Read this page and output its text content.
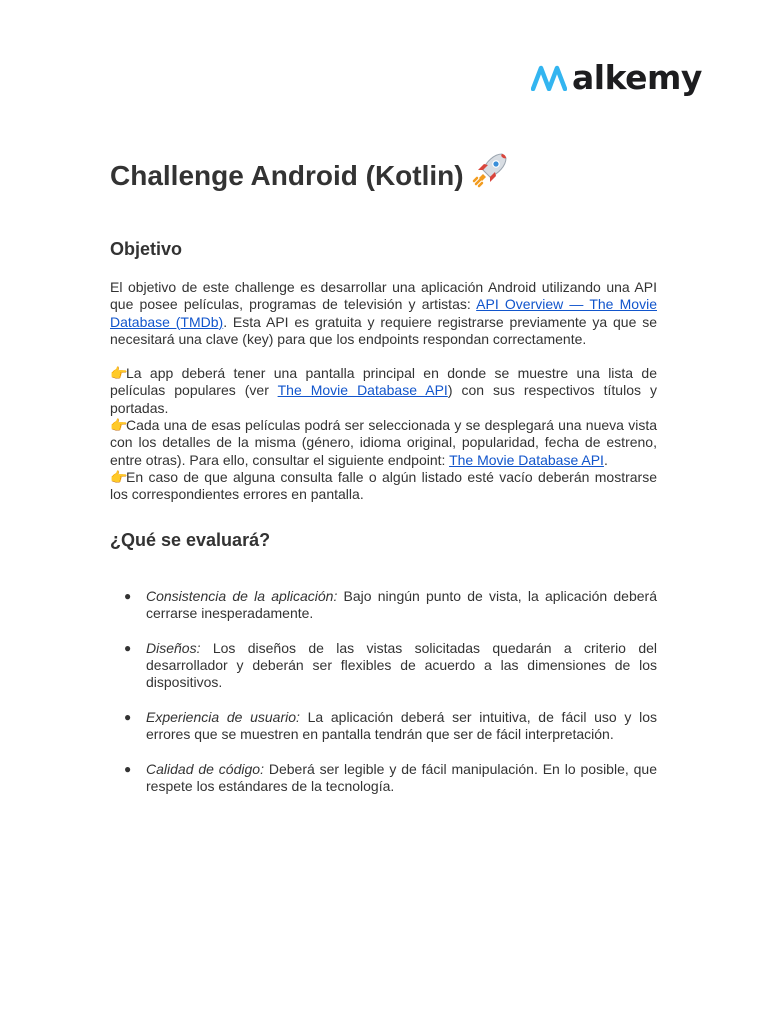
alkemy
Challenge Android (Kotlin)
Objetivo

El objetivo de este challenge es desarrollar una aplicación Android utilizando una API que posee películas, programas de televisión y artistas: API Overview — The Movie Database (TMDb). Esta API es gratuita y requiere registrarse previamente ya que se necesitará una clave (key) para que los endpoints respondan correctamente.

👉La app deberá tener una pantalla principal en donde se muestre una lista de películas populares (ver The Movie Database API) con sus respectivos títulos y portadas.

👉Cada una de esas películas podrá ser seleccionada y se desplegará una nueva vista con los detalles de la misma (género, idioma original, popularidad, fecha de estreno, entre otras). Para ello, consultar el siguiente endpoint: The Movie Database API.

👉En caso de que alguna consulta falle o algún listado esté vacío deberán mostrarse los correspondientes errores en pantalla.

¿Qué se evaluará?
● Consistencia de la aplicación: Bajo ningún punto de vista, la aplicación deberá cerrarse inesperadamente.
● Diseños: Los diseños de las vistas solicitadas quedarán a criterio del desarrollador y deberán ser flexibles de acuerdo a las dimensiones de los dispositivos.
● Experiencia de usuario: La aplicación deberá ser intuitiva, de fácil uso y los errores que se muestren en pantalla tendrán que ser de fácil interpretación.
● Calidad de código: Deberá ser legible y de fácil manipulación. En lo posible, que respete los estándares de la tecnología.
